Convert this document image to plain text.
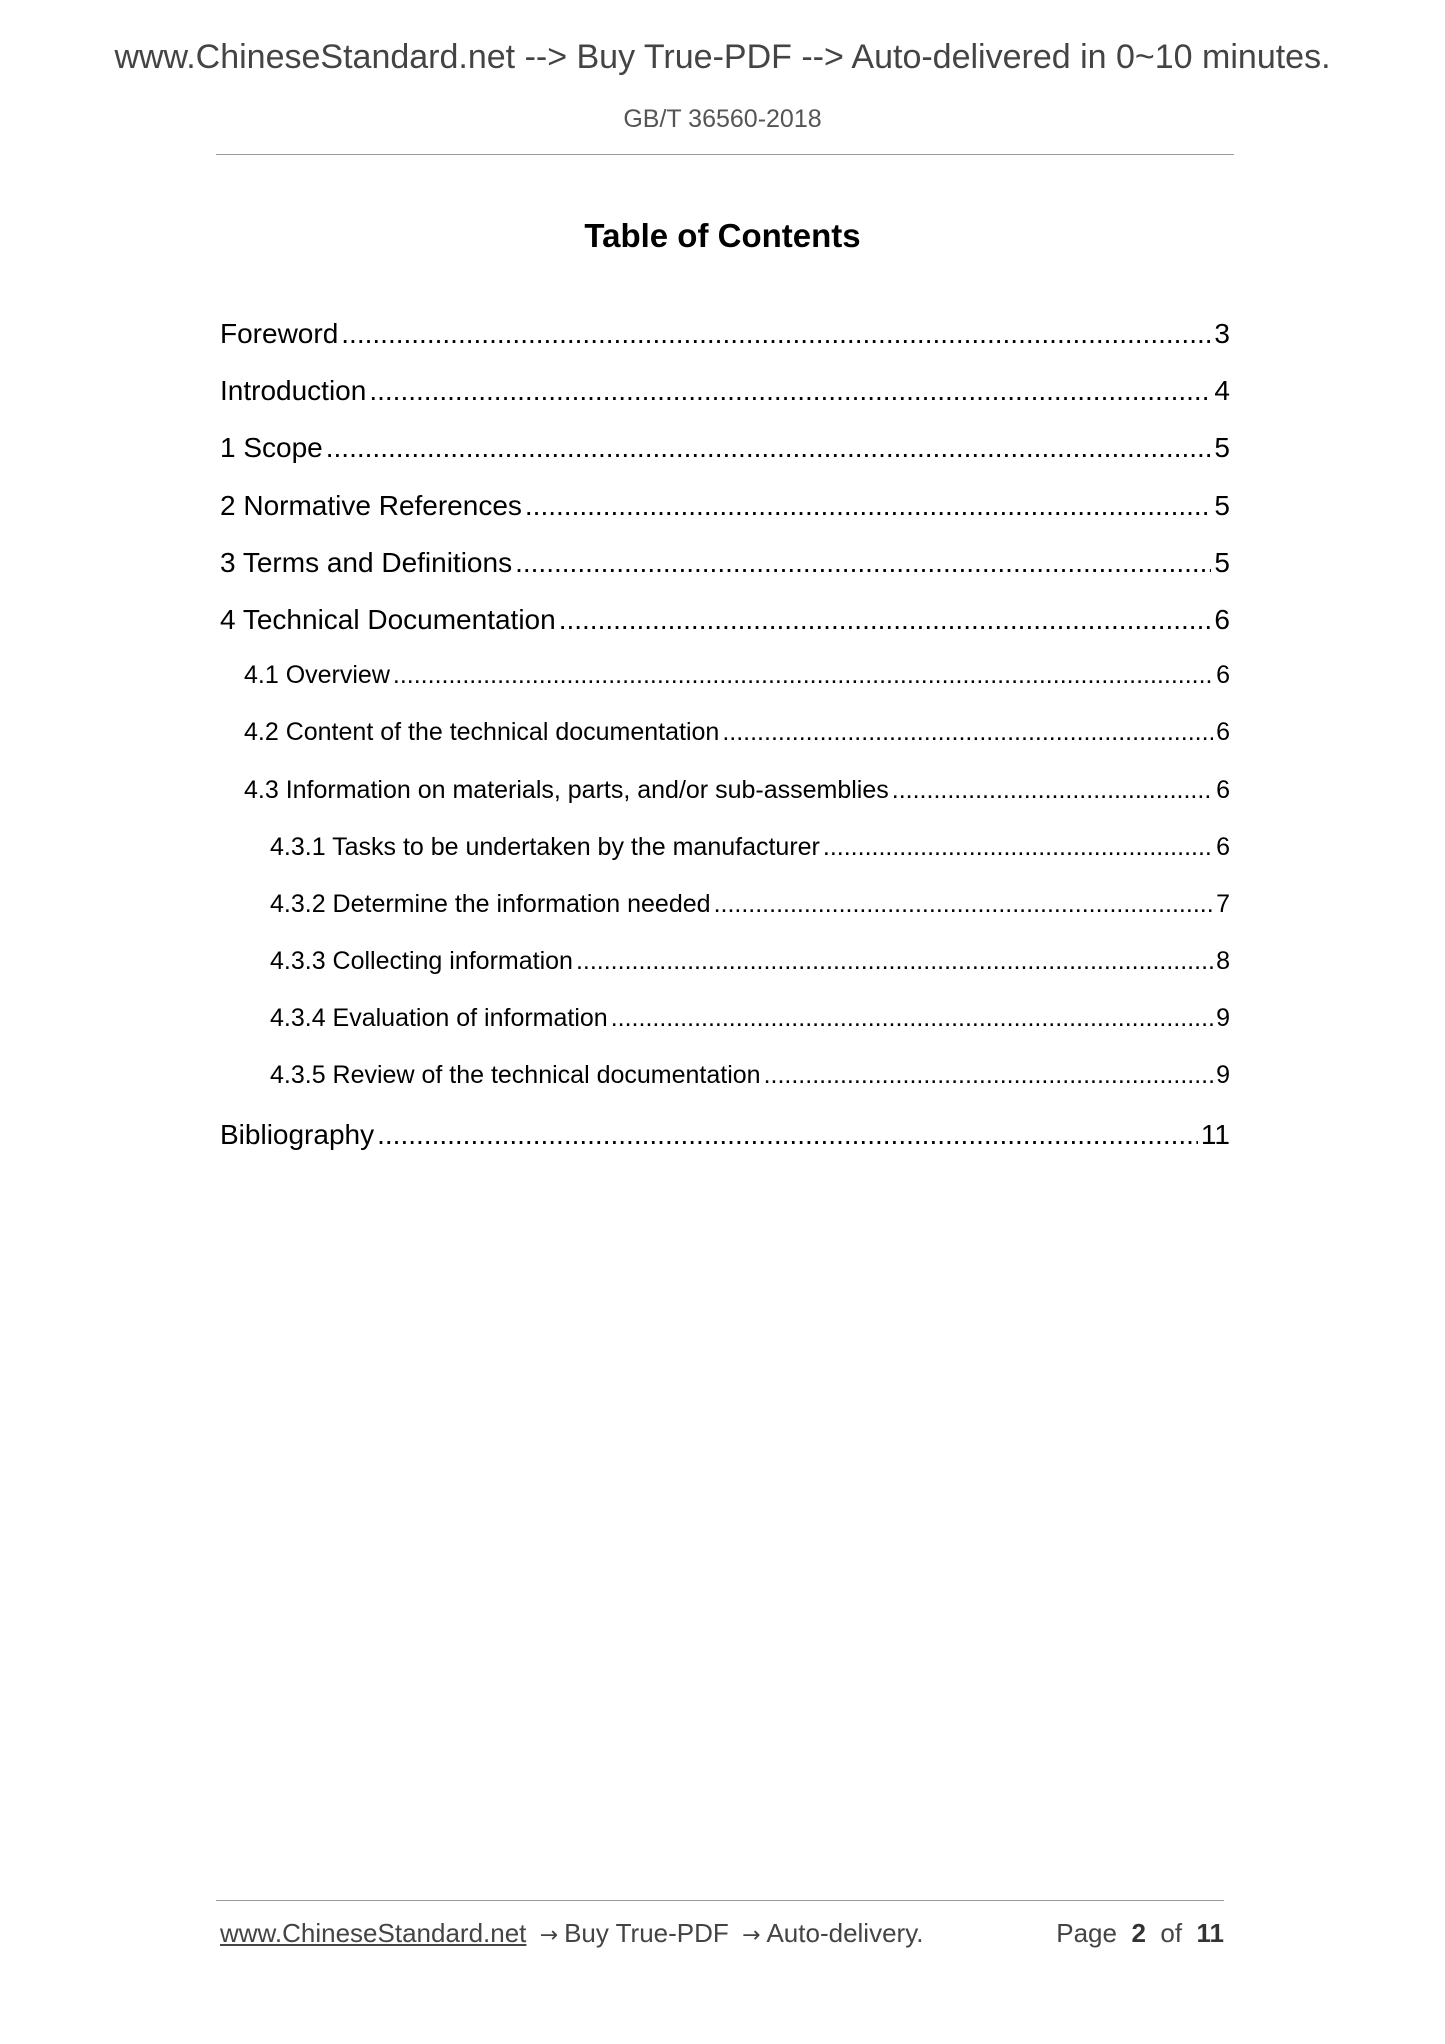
www.ChineseStandard.net --> Buy True-PDF --> Auto-delivered in 0~10 minutes.
GB/T 36560-2018
Table of Contents
Foreword .....	3
Introduction .....	4
1 Scope .....	5
2 Normative References .....	5
3 Terms and Definitions .....	5
4 Technical Documentation .....	6
4.1 Overview .....	6
4.2 Content of the technical documentation .....	6
4.3 Information on materials, parts, and/or sub-assemblies .....	6
4.3.1 Tasks to be undertaken by the manufacturer .....	6
4.3.2 Determine the information needed .....	7
4.3.3 Collecting information .....	8
4.3.4 Evaluation of information .....	9
4.3.5 Review of the technical documentation .....	9
Bibliography .....	11
www.ChineseStandard.net → Buy True-PDF → Auto-delivery.	Page 2 of 11
